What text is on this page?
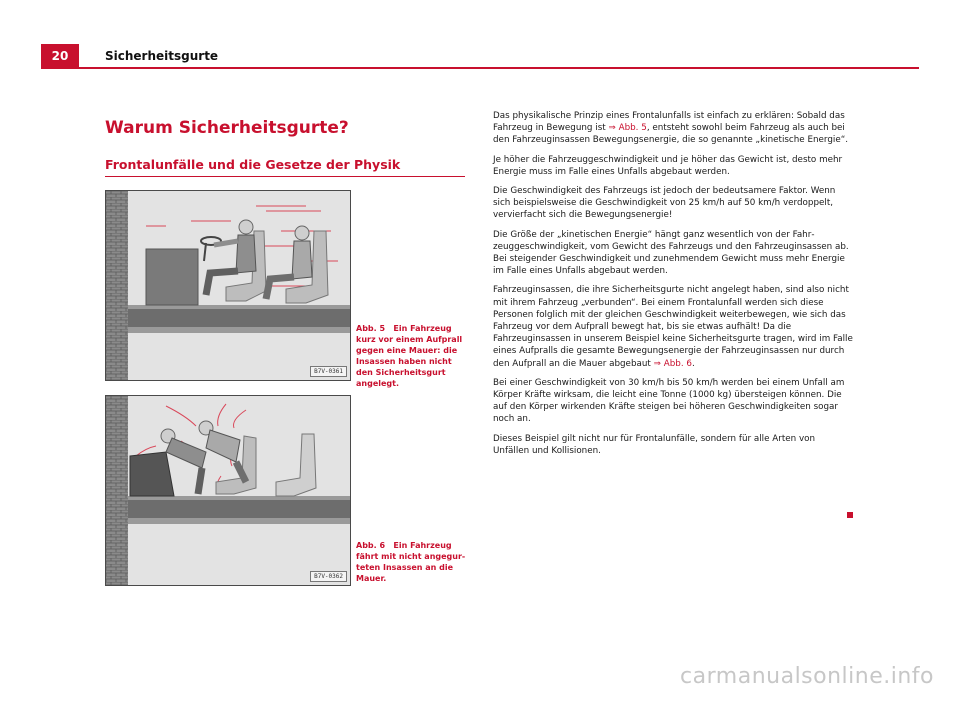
20	Sicherheitsgurte
Warum Sicherheitsgurte?
Frontalunfälle und die Gesetze der Physik
B7V-0361
Abb. 5 Ein Fahrzeug kurz vor einem Aufprall gegen eine Mauer: die Insassen haben nicht den Sicherheitsgurt angelegt.
B7V-0362
Abb. 6 Ein Fahrzeug fährt mit nicht angegurteten Insassen an die Mauer.

Das physikalische Prinzip eines Frontalunfalls ist einfach zu erklären: Sobald das Fahrzeug in Bewegung ist ⇒ Abb. 5, entsteht sowohl beim Fahrzeug als auch bei den Fahrzeuginsassen Bewegungsenergie, die so genannte „kinetische Energie“.

Je höher die Fahrzeuggeschwindigkeit und je höher das Gewicht ist, desto mehr Energie muss im Falle eines Unfalls abgebaut werden.

Die Geschwindigkeit des Fahrzeugs ist jedoch der bedeutsamere Faktor. Wenn sich beispielsweise die Geschwindigkeit von 25 km/h auf 50 km/h verdoppelt, vervierfacht sich die Bewegungsenergie!

Die Größe der „kinetischen Energie“ hängt ganz wesentlich von der Fahrzeuggeschwindigkeit, vom Gewicht des Fahrzeugs und den Fahrzeuginsassen ab. Bei steigender Geschwindigkeit und zunehmendem Gewicht muss mehr Energie im Falle eines Unfalls abgebaut werden.

Fahrzeuginsassen, die ihre Sicherheitsgurte nicht angelegt haben, sind also nicht mit ihrem Fahrzeug „verbunden“. Bei einem Frontalunfall werden sich diese Personen folglich mit der gleichen Geschwindigkeit weiterbewegen, wie sich das Fahrzeug vor dem Aufprall bewegt hat, bis sie etwas aufhält! Da die Fahrzeuginsassen in unserem Beispiel keine Sicherheitsgurte tragen, wird im Falle eines Aufpralls die gesamte Bewegungsenergie der Fahrzeuginsassen nur durch den Aufprall an die Mauer abgebaut ⇒ Abb. 6.

Bei einer Geschwindigkeit von 30 km/h bis 50 km/h werden bei einem Unfall am Körper Kräfte wirksam, die leicht eine Tonne (1000 kg) übersteigen können. Die auf den Körper wirkenden Kräfte steigen bei höheren Geschwindigkeiten sogar noch an.

Dieses Beispiel gilt nicht nur für Frontalunfälle, sondern für alle Arten von Unfällen und Kollisionen.

carmanualsonline.info
